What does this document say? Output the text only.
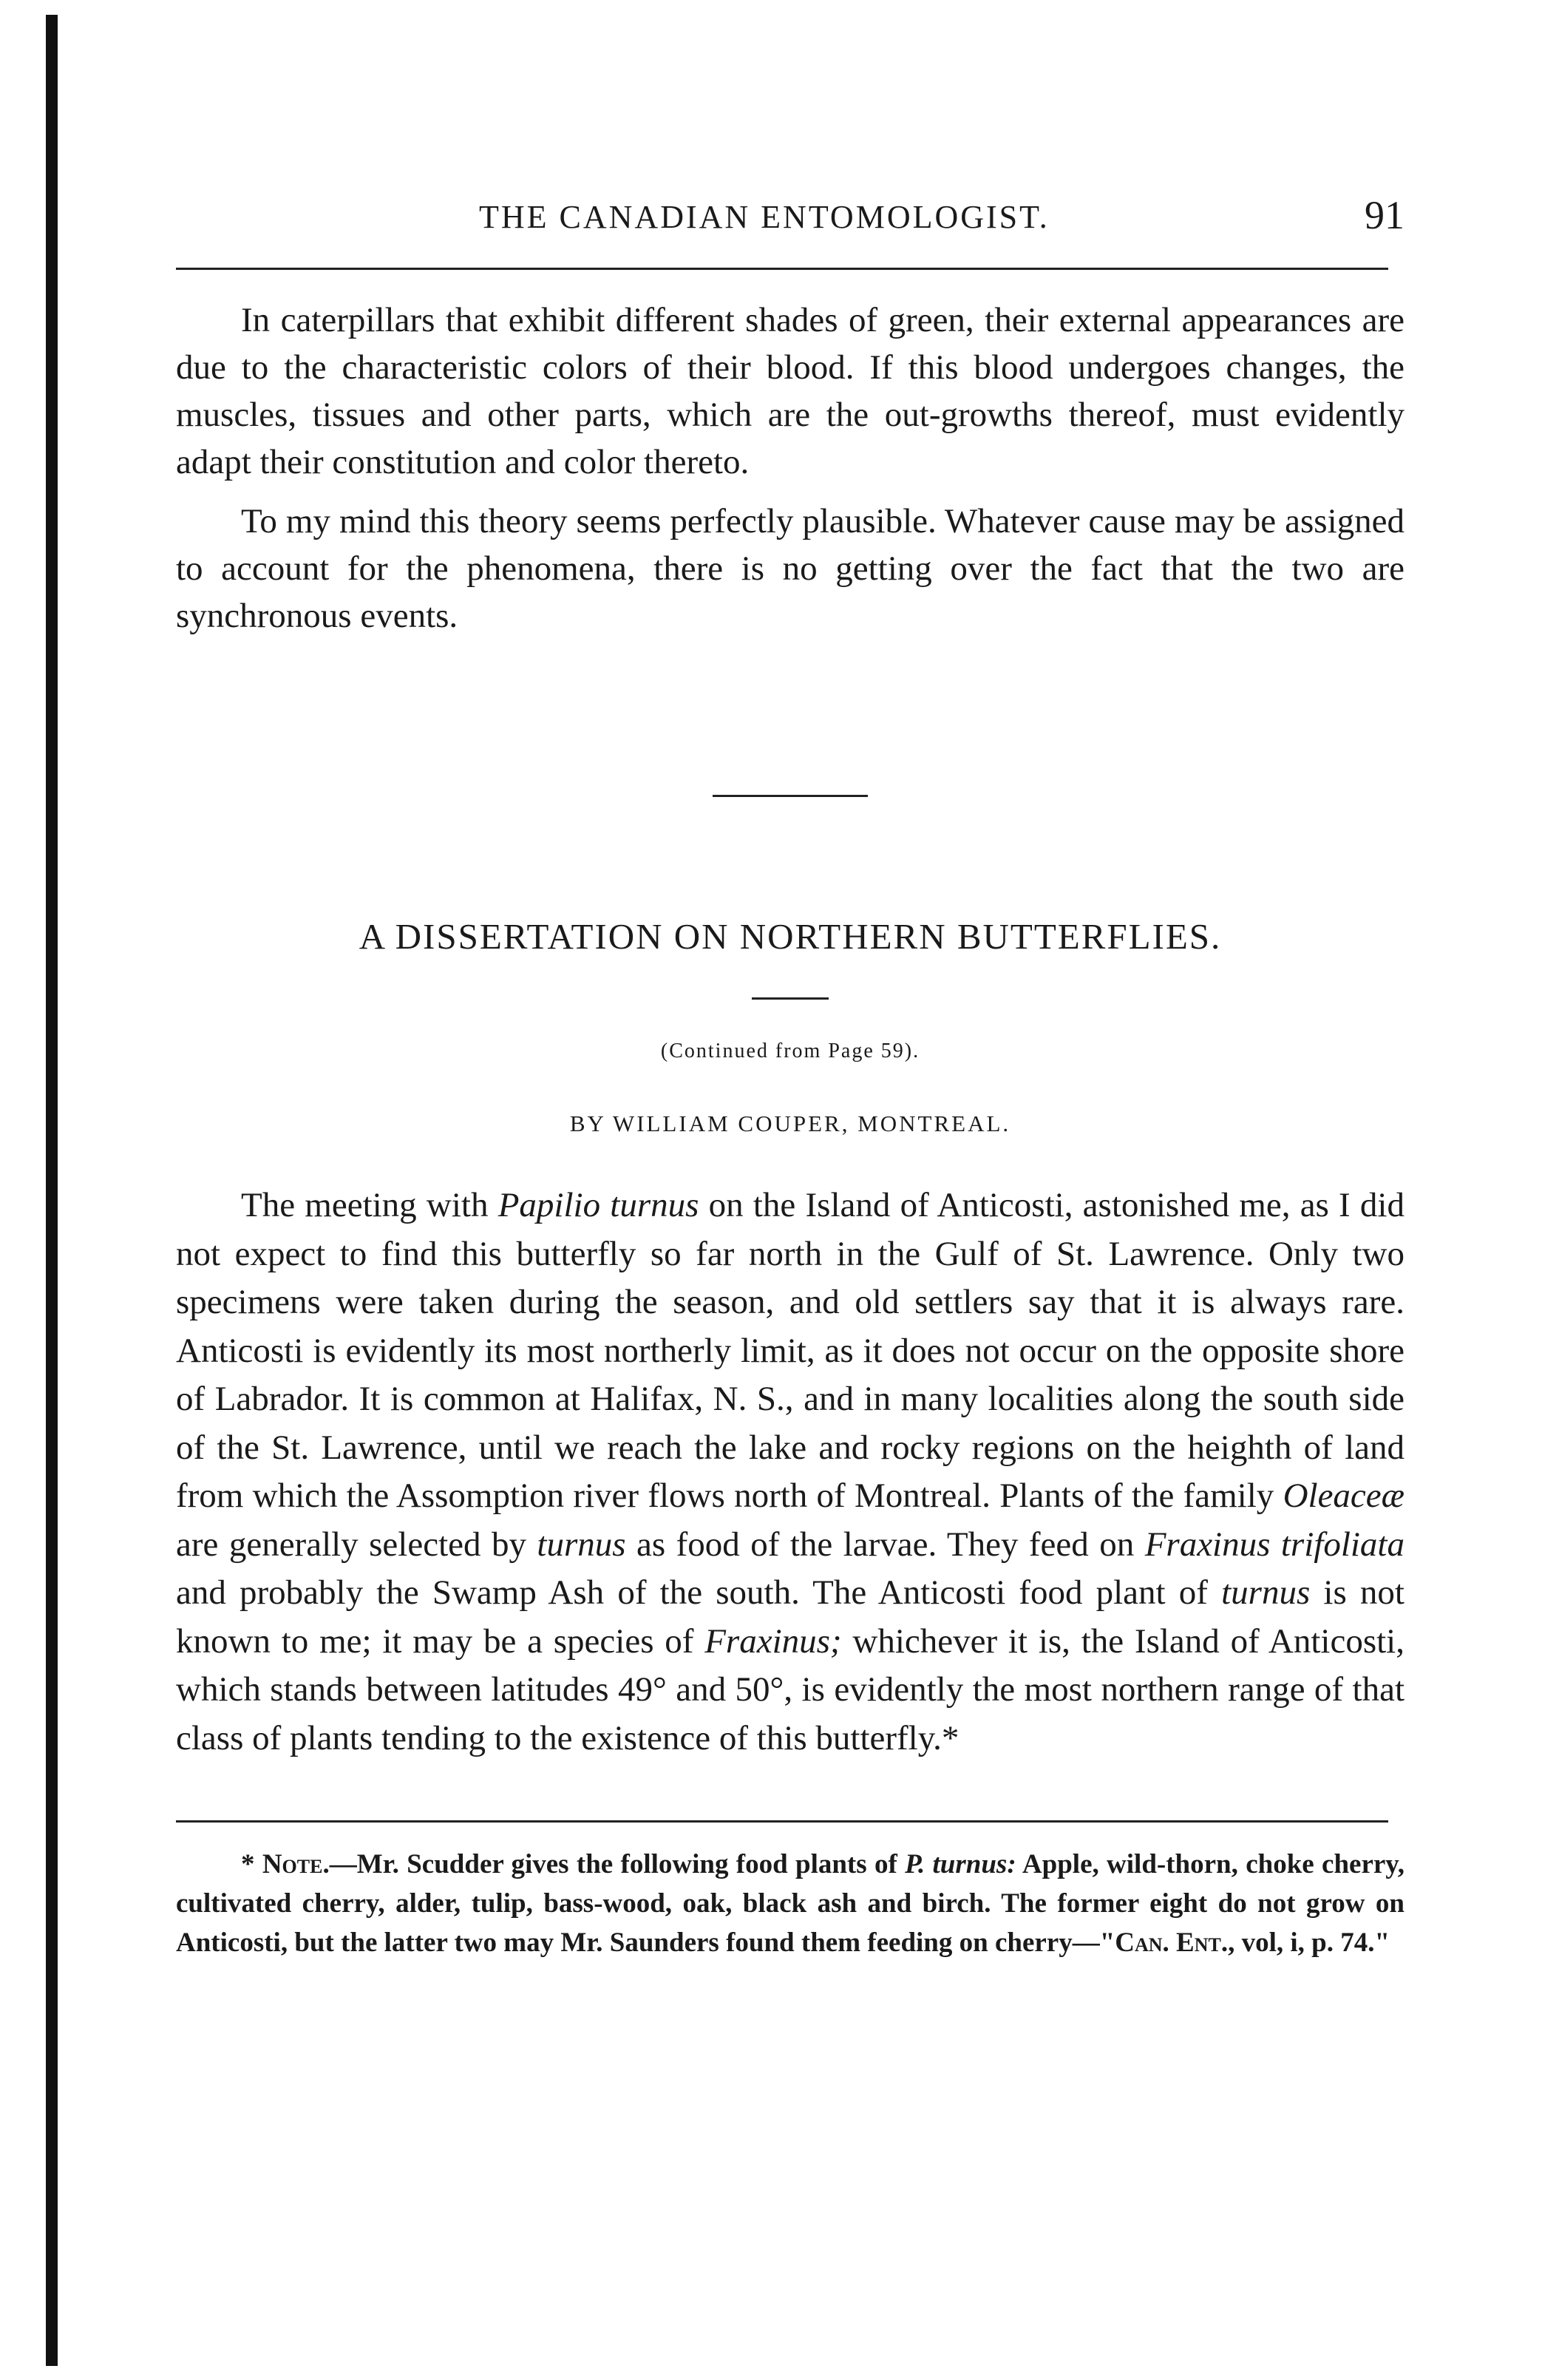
THE CANADIAN ENTOMOLOGIST.	91

In caterpillars that exhibit different shades of green, their external appearances are due to the characteristic colors of their blood. If this blood undergoes changes, the muscles, tissues and other parts, which are the out-growths thereof, must evidently adapt their constitution and color thereto.

To my mind this theory seems perfectly plausible. Whatever cause may be assigned to account for the phenomena, there is no getting over the fact that the two are synchronous events.

A DISSERTATION ON NORTHERN BUTTERFLIES.
(Continued from Page 59).
BY WILLIAM COUPER, MONTREAL.

The meeting with Papilio turnus on the Island of Anticosti, astonished me, as I did not expect to find this butterfly so far north in the Gulf of St. Lawrence. Only two specimens were taken during the season, and old settlers say that it is always rare. Anticosti is evidently its most northerly limit, as it does not occur on the opposite shore of Labrador. It is common at Halifax, N. S., and in many localities along the south side of the St. Lawrence, until we reach the lake and rocky regions on the heighth of land from which the Assomption river flows north of Montreal. Plants of the family Oleaceæ are generally selected by turnus as food of the larvae. They feed on Fraxinus trifoliata and probably the Swamp Ash of the south. The Anticosti food plant of turnus is not known to me; it may be a species of Fraxinus; whichever it is, the Island of Anticosti, which stands between latitudes 49° and 50°, is evidently the most northern range of that class of plants tending to the existence of this butterfly.*

* Note.—Mr. Scudder gives the following food plants of P. turnus: Apple, wild-thorn, choke cherry, cultivated cherry, alder, tulip, bass-wood, oak, black ash and birch. The former eight do not grow on Anticosti, but the latter two may Mr. Saunders found them feeding on cherry—"Can. Ent., vol, i, p. 74."
